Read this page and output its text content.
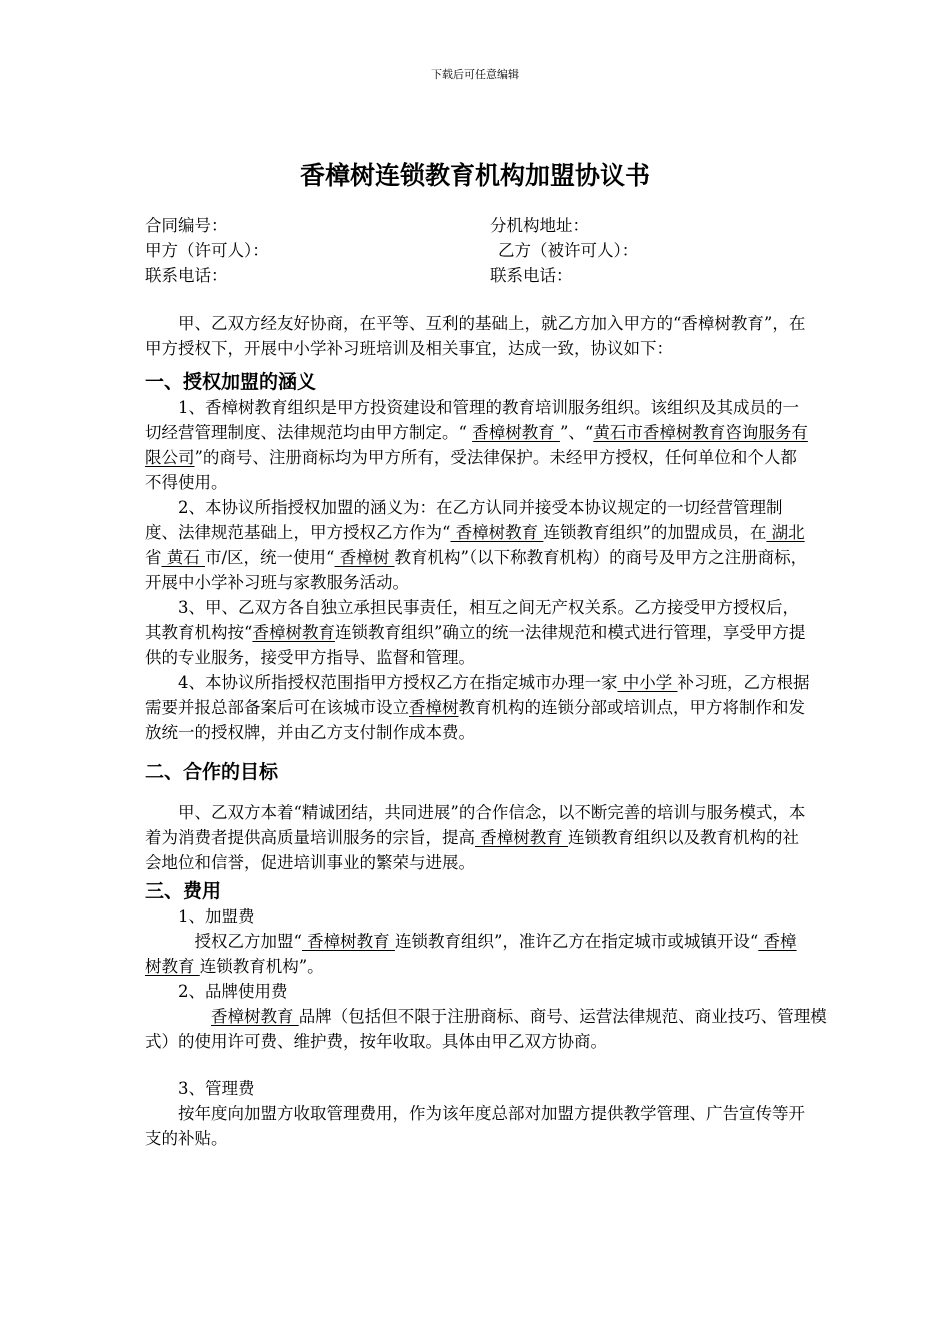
下载后可任意编辑
香樟树连锁教育机构加盟协议书
合同编号：	分机构地址：
甲方（许可人）：	乙方（被许可人）：
联系电话：	联系电话：

甲、乙双方经友好协商，在平等、互利的基础上，就乙方加入甲方的“香樟树教育”，在甲方授权下，开展中小学补习班培训及相关事宜，达成一致，协议如下：

一、授权加盟的涵义

1、香樟树教育组织是甲方投资建设和管理的教育培训服务组织。该组织及其成员的一切经营管理制度、法律规范均由甲方制定。“ 香樟树教育 ”、“黄石市香樟树教育咨询服务有限公司”的商号、注册商标均为甲方所有，受法律保护。未经甲方授权，任何单位和个人都不得使用。

2、本协议所指授权加盟的涵义为：在乙方认同并接受本协议规定的一切经营管理制度、法律规范基础上，甲方授权乙方作为“ 香樟树教育 连锁教育组织”的加盟成员，在 湖北 省 黄石 市/区，统一使用“ 香樟树 教育机构”（以下称教育机构）的商号及甲方之注册商标，开展中小学补习班与家教服务活动。

3、甲、乙双方各自独立承担民事责任，相互之间无产权关系。乙方接受甲方授权后，其教育机构按“香樟树教育连锁教育组织”确立的统一法律规范和模式进行管理，享受甲方提供的专业服务，接受甲方指导、监督和管理。

4、本协议所指授权范围指甲方授权乙方在指定城市办理一家 中小学 补习班，乙方根据需要并报总部备案后可在该城市设立香樟树教育机构的连锁分部或培训点，甲方将制作和发放统一的授权牌，并由乙方支付制作成本费。

二、合作的目标

甲、乙双方本着“精诚团结，共同进展”的合作信念，以不断完善的培训与服务模式，本着为消费者提供高质量培训服务的宗旨，提高 香樟树教育 连锁教育组织以及教育机构的社会地位和信誉，促进培训事业的繁荣与进展。

三、费用

1、加盟费

授权乙方加盟“ 香樟树教育 连锁教育组织”，准许乙方在指定城市或城镇开设“ 香樟树教育 连锁教育机构”。

2、品牌使用费

香樟树教育 品牌（包括但不限于注册商标、商号、运营法律规范、商业技巧、管理模式）的使用许可费、维护费，按年收取。具体由甲乙双方协商。

3、管理费

按年度向加盟方收取管理费用，作为该年度总部对加盟方提供教学管理、广告宣传等开支的补贴。
